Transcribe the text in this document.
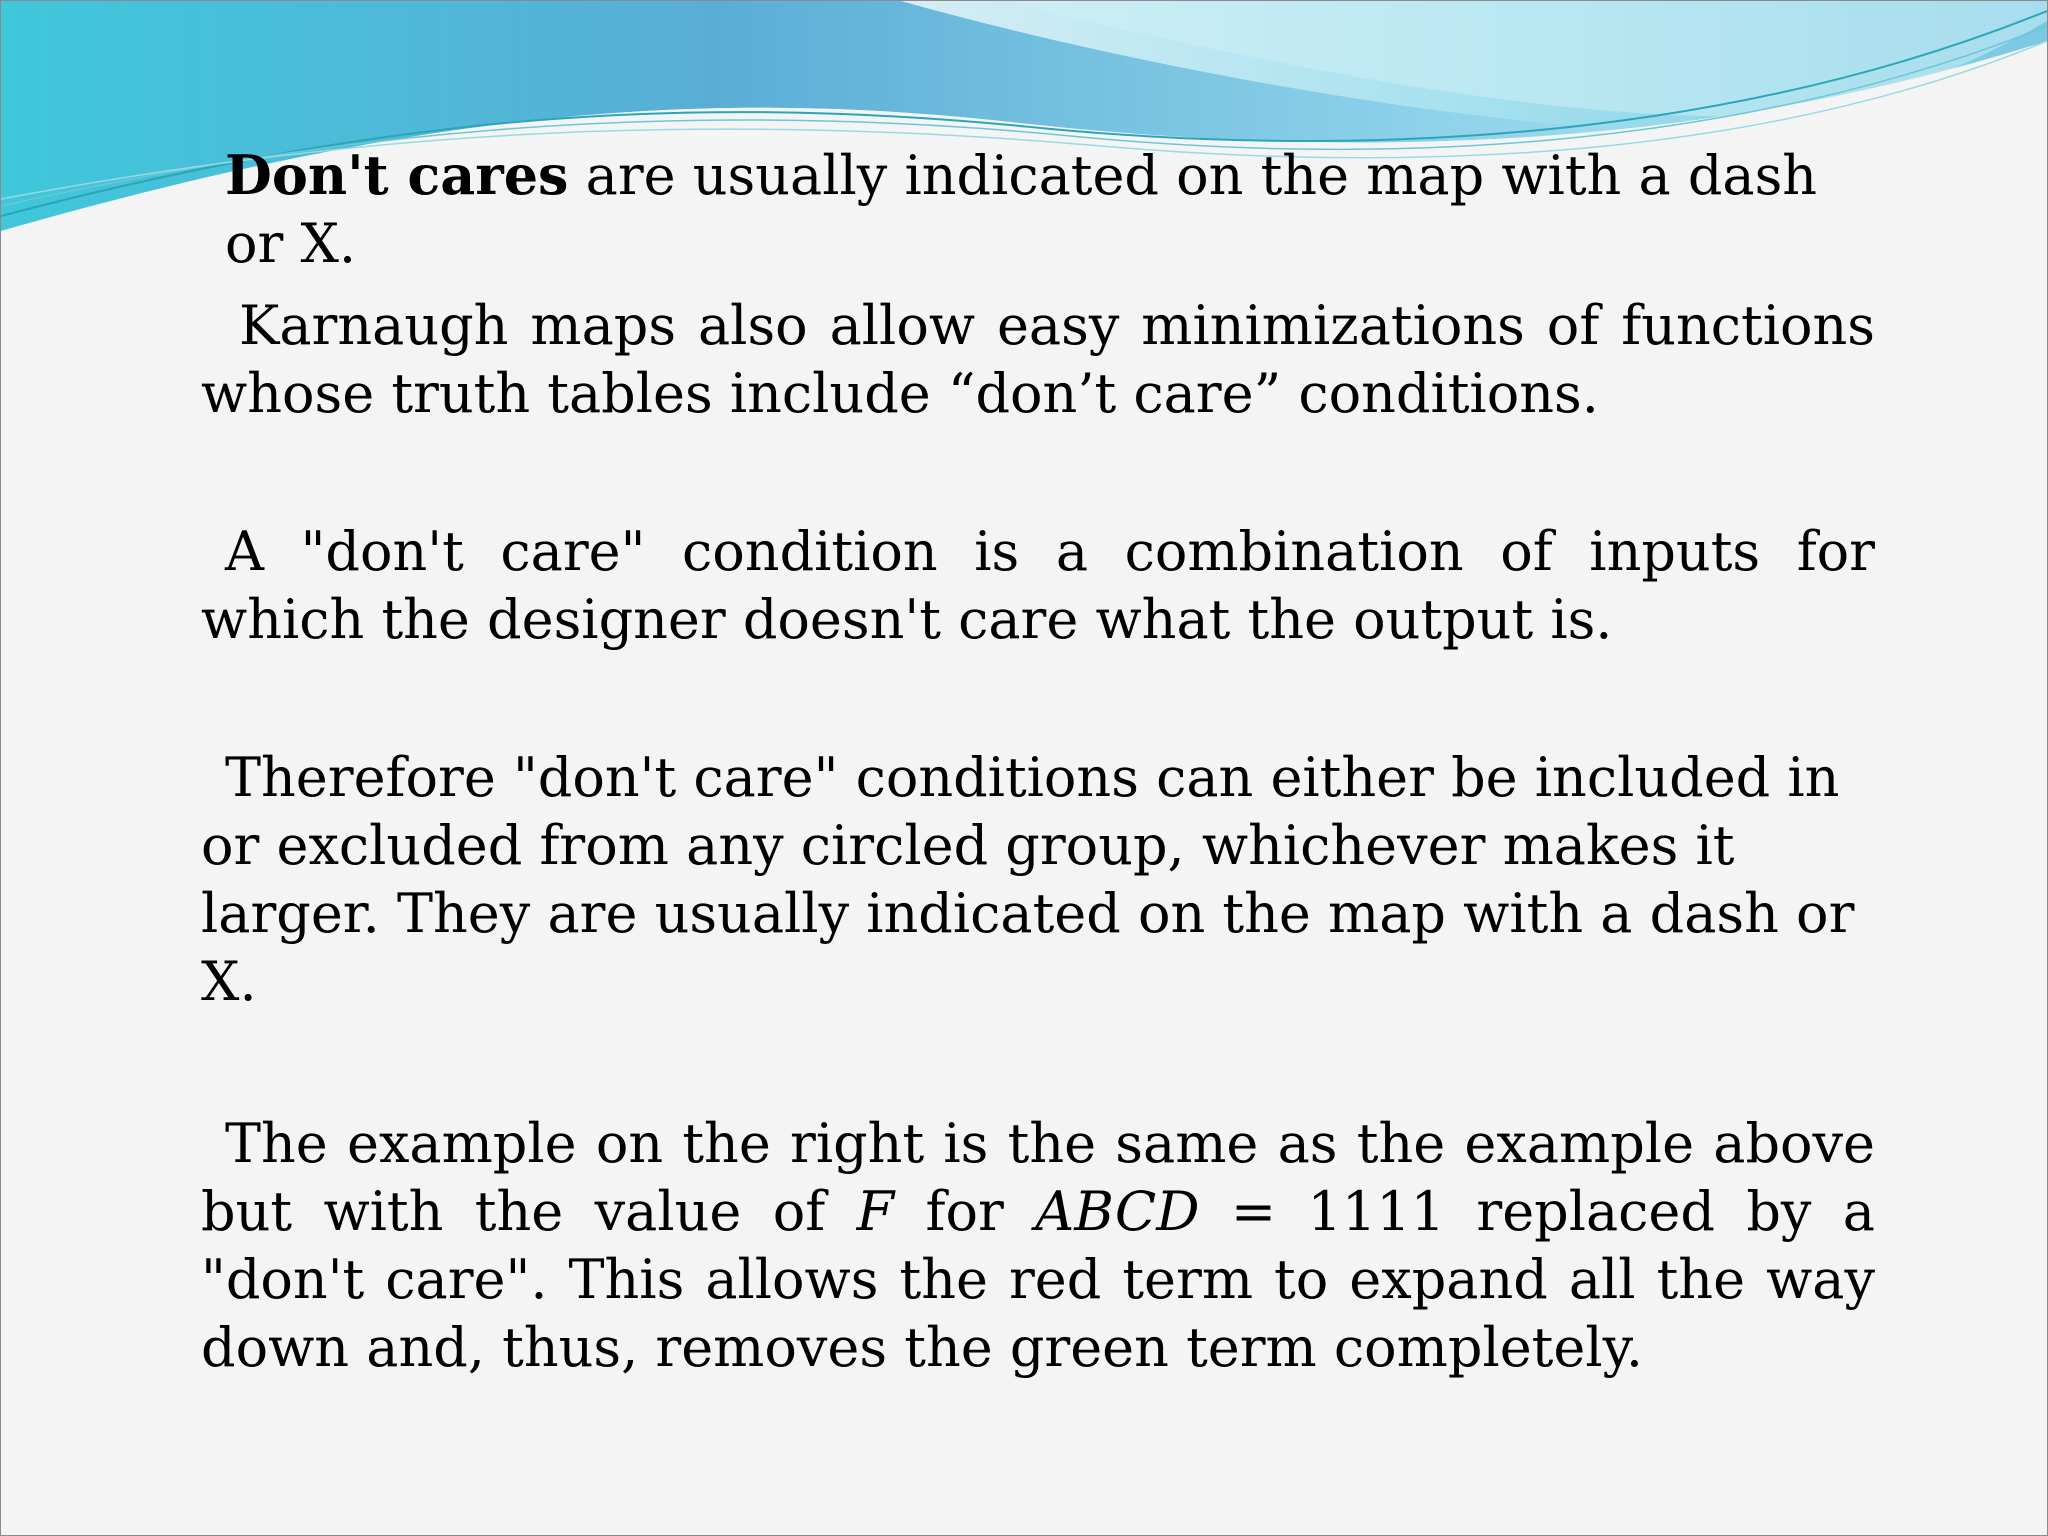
Don't cares are usually indicated on the map with a dash or X.

Karnaugh maps also allow easy minimizations of functions whose truth tables include “don’t care” conditions.

A "don't care" condition is a combination of inputs for which the designer doesn't care what the output is.

Therefore "don't care" conditions can either be included in or excluded from any circled group, whichever makes it larger. They are usually indicated on the map with a dash or X.

The example on the right is the same as the example above but with the value of F for ABCD = 1111 replaced by a "don't care". This allows the red term to expand all the way down and, thus, removes the green term completely.
